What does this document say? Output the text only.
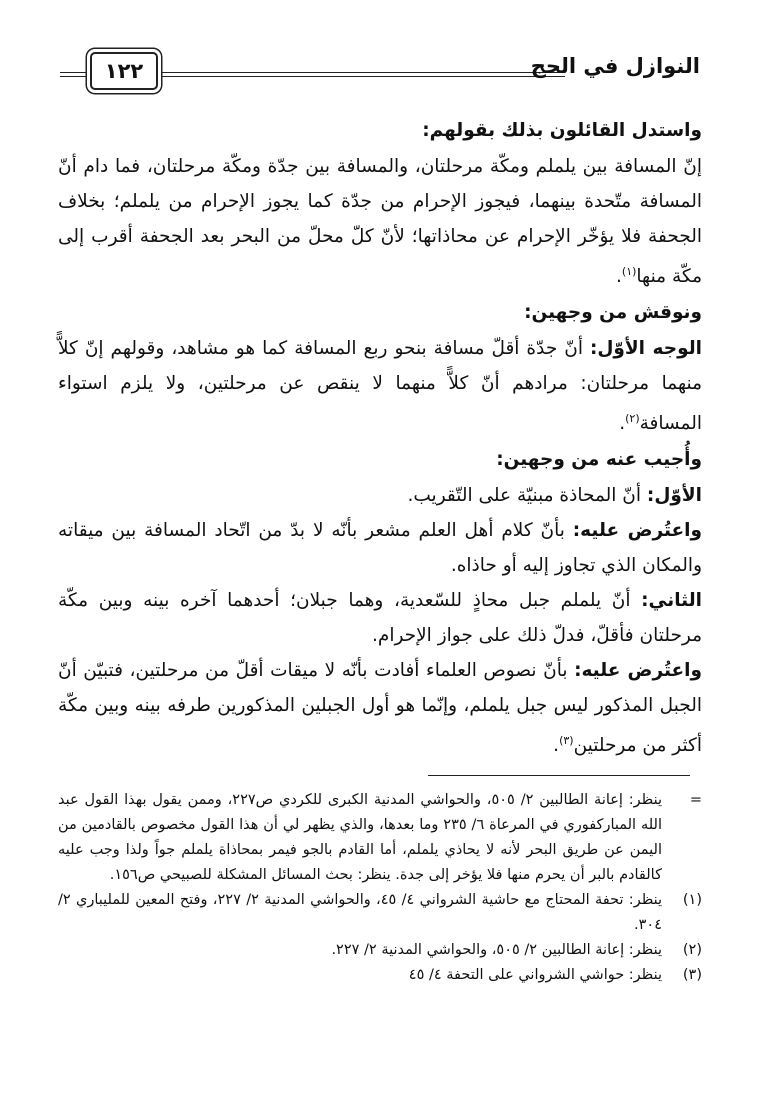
١٢٢	النوازل في الحج

واستدل القائلون بذلك بقولهم:

إنّ المسافة بين يلملم ومكّة مرحلتان، والمسافة بين جدّة ومكّة مرحلتان، فما دام أنّ المسافة متّحدة بينهما، فيجوز الإحرام من جدّة كما يجوز الإحرام من يلملم؛ بخلاف الجحفة فلا يؤخّر الإحرام عن محاذاتها؛ لأنّ كلّ محلّ من البحر بعد الجحفة أقرب إلى مكّة منها$^{(١)}$.

ونوقش من وجهين:

الوجه الأوّل: أنّ جدّة أقلّ مسافة بنحو ربع المسافة كما هو مشاهد، وقولهم إنّ كلاًّ منهما مرحلتان: مرادهم أنّ كلاًّ منهما لا ينقص عن مرحلتين، ولا يلزم استواء المسافة$^{(٢)}$.

وأُجيب عنه من وجهين:

الأوّل: أنّ المحاذة مبنيّة على التّقريب.

واعتُرض عليه: بأنّ كلام أهل العلم مشعر بأنّه لا بدّ من اتّحاد المسافة بين ميقاته والمكان الذي تجاوز إليه أو حاذاه.

الثاني: أنّ يلملم جبل محاذٍ للسّعدية، وهما جبلان؛ أحدهما آخره بينه وبين مكّة مرحلتان فأقلّ، فدلّ ذلك على جواز الإحرام.

واعتُرض عليه: بأنّ نصوص العلماء أفادت بأنّه لا ميقات أقلّ من مرحلتين، فتبيّن أنّ الجبل المذكور ليس جبل يلملم، وإنّما هو أول الجبلين المذكورين طرفه بينه وبين مكّة أكثر من مرحلتين$^{(٣)}$.

=
ينظر: إعانة الطالبين ٢/ ٥٠٥، والحواشي المدنية الكبرى للكردي ص٢٢٧، وممن يقول بهذا القول عبد الله المباركفوري في المرعاة ٦/ ٢٣٥ وما بعدها، والذي يظهر لي أن هذا القول مخصوص بالقادمين من اليمن عن طريق البحر لأنه لا يحاذي يلملم، أما القادم بالجو فيمر بمحاذاة يلملم جواً ولذا وجب عليه كالقادم بالبر أن يحرم منها فلا يؤخر إلى جدة. ينظر: بحث المسائل المشكلة للصبيحي ص١٥٦.
(١)
ينظر: تحفة المحتاج مع حاشية الشرواني ٤/ ٤٥، والحواشي المدنية ٢/ ٢٢٧، وفتح المعين للمليباري ٢/ ٣٠٤.
(٢)
ينظر: إعانة الطالبين ٢/ ٥٠٥، والحواشي المدنية ٢/ ٢٢٧.
(٣)
ينظر: حواشي الشرواني على التحفة ٤/ ٤٥
